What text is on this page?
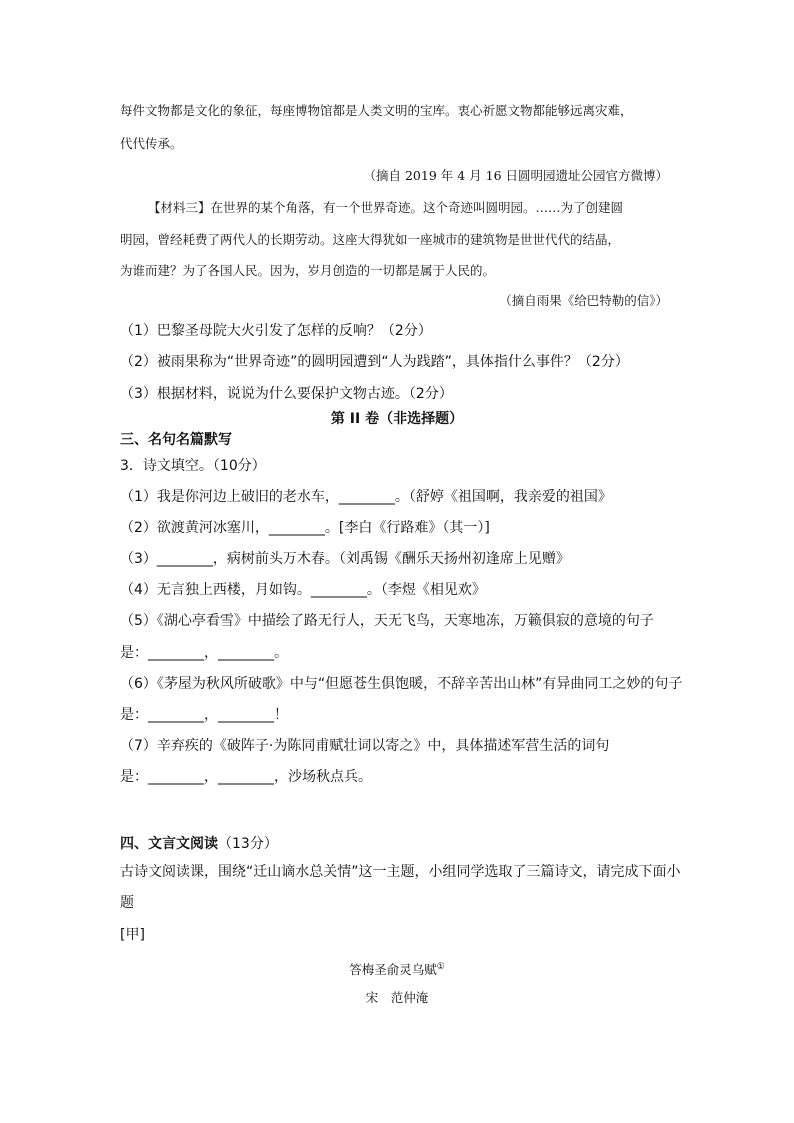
每件文物都是文化的象征，每座博物馆都是人类文明的宝库。衷心祈愿文物都能够远离灾难，
代代传承。
（摘自 2019 年 4 月 16 日圆明园遗址公园官方微博）
【材料三】在世界的某个角落，有一个世界奇迹。这个奇迹叫圆明园。……为了创建圆
明园，曾经耗费了两代人的长期劳动。这座大得犹如一座城市的建筑物是世世代代的结晶，
为谁而建？为了各国人民。因为，岁月创造的一切都是属于人民的。
（摘自雨果《给巴特勒的信》）
（1）巴黎圣母院大火引发了怎样的反响？（2分）
（2）被雨果称为“世界奇迹”的圆明园遭到“人为践踏”，具体指什么事件？（2分）
（3）根据材料，说说为什么要保护文物古迹。（2分）
第 II 卷（非选择题）
三、名句名篇默写
3．诗文填空。（10分）
（1）我是你河边上破旧的老水车，________。（舒婷《祖国啊，我亲爱的祖国》
（2）欲渡黄河冰塞川，________。[李白《行路难》（其一）]
（3）________，病树前头万木春。（刘禹锡《酬乐天扬州初逢席上见赠》
（4）无言独上西楼，月如钩。________。（李煜《相见欢》
（5）《湖心亭看雪》中描绘了路无行人，天无飞鸟，天寒地冻，万籁俱寂的意境的句子
是：________，________。
（6）《茅屋为秋风所破歌》中与“但愿苍生俱饱暖，不辞辛苦出山林”有异曲同工之妙的句子
是：________，________！
（7）辛弃疾的《破阵子·为陈同甫赋壮词以寄之》中，具体描述军营生活的词句
是：________，________，沙场秋点兵。
四、文言文阅读（13分）
古诗文阅读课，围绕“迁山谪水总关情”这一主题，小组同学选取了三篇诗文，请完成下面小
题
[甲]
答梅圣俞灵乌赋①
宋　范仲淹
